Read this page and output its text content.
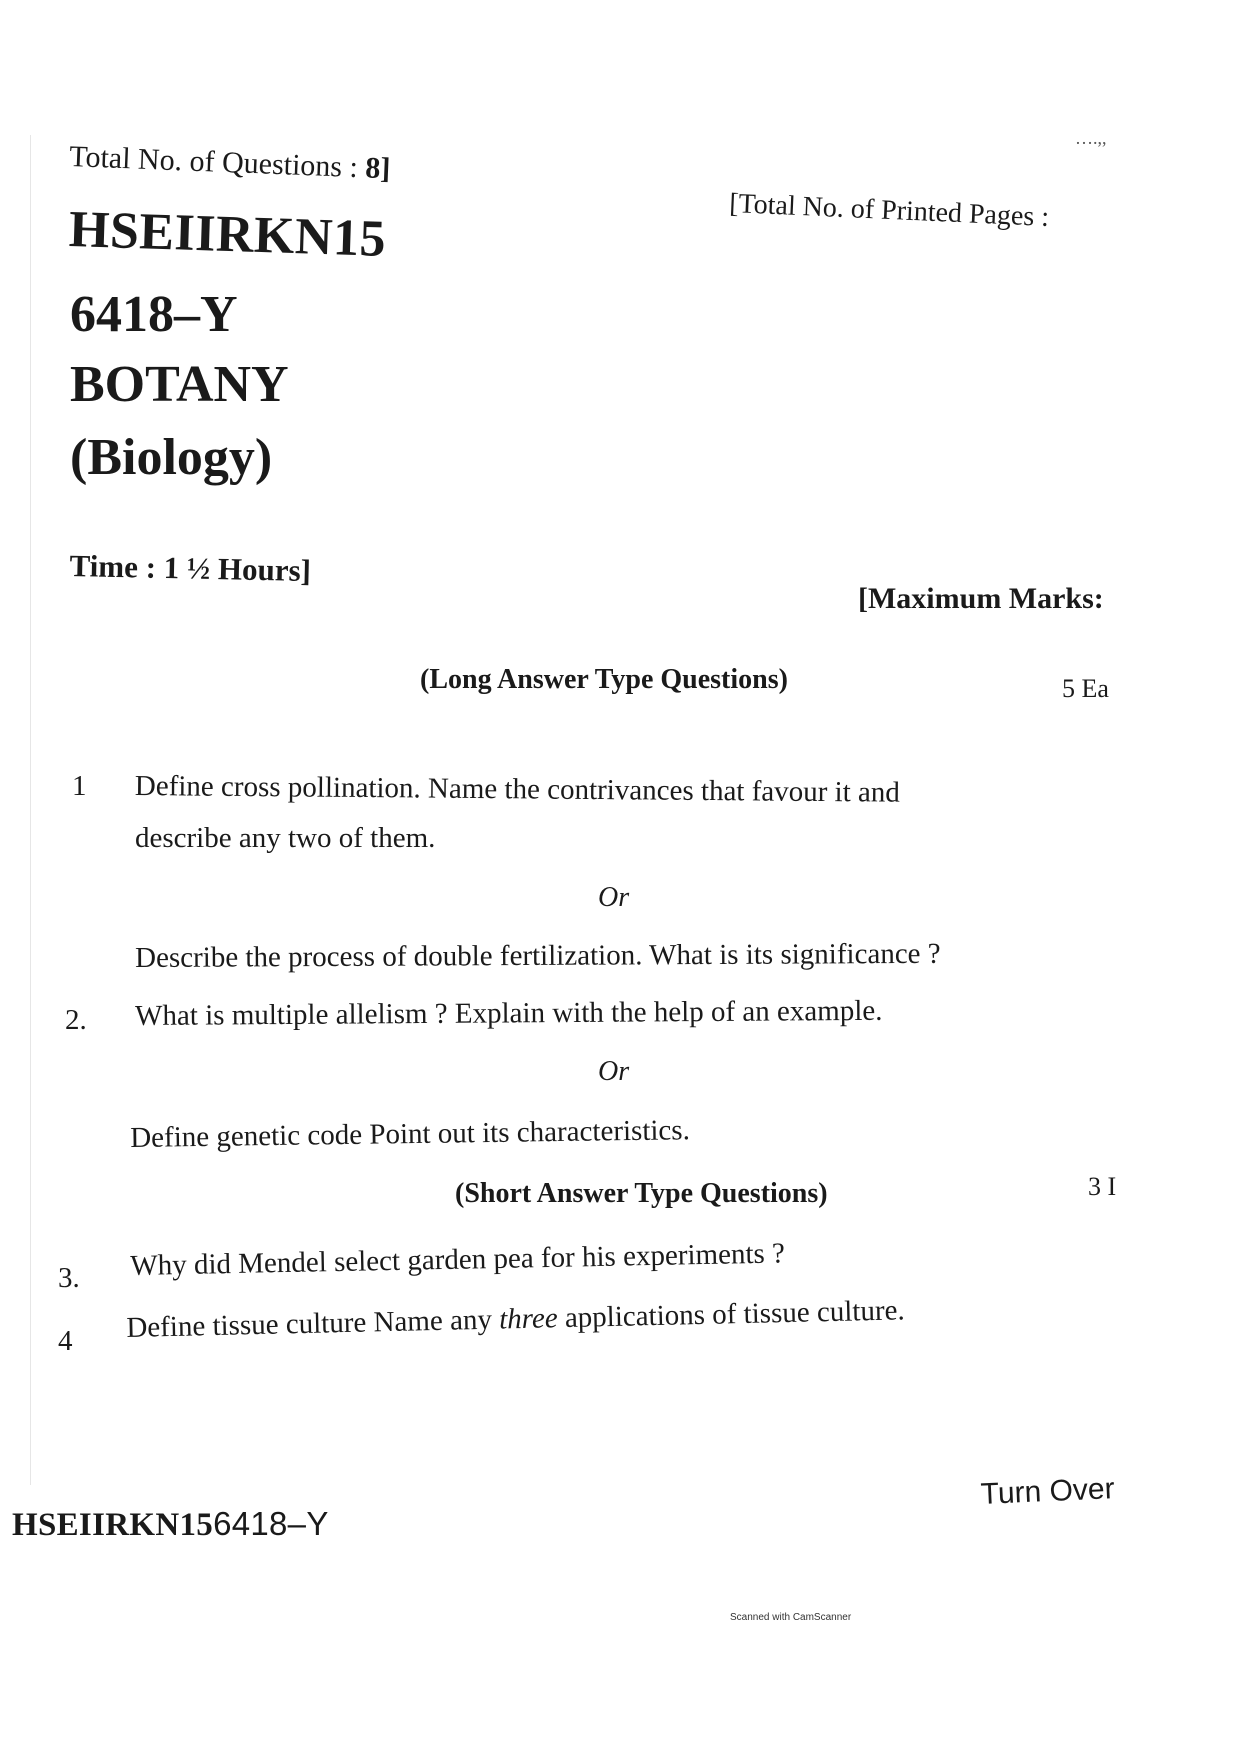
Total No. of Questions : 8]
[Total No. of Printed Pages :
….,,
HSEIIRKN15
6418–Y
BOTANY
(Biology)
Time : 1 ½ Hours]
[Maximum Marks:
(Long Answer Type Questions)	5 Ea
1 Define cross pollination. Name the contrivances that favour it and
describe any two of them.
Or
Describe the process of double fertilization. What is its significance ?
2. What is multiple allelism ? Explain with the help of an example.
Or
Define genetic code Point out its characteristics.
(Short Answer Type Questions)	3 I
3. Why did Mendel select garden pea for his experiments ?
4 Define tissue culture Name any three applications of tissue culture.
Turn Over
HSEIIRKN156418–Y
Scanned with CamScanner
